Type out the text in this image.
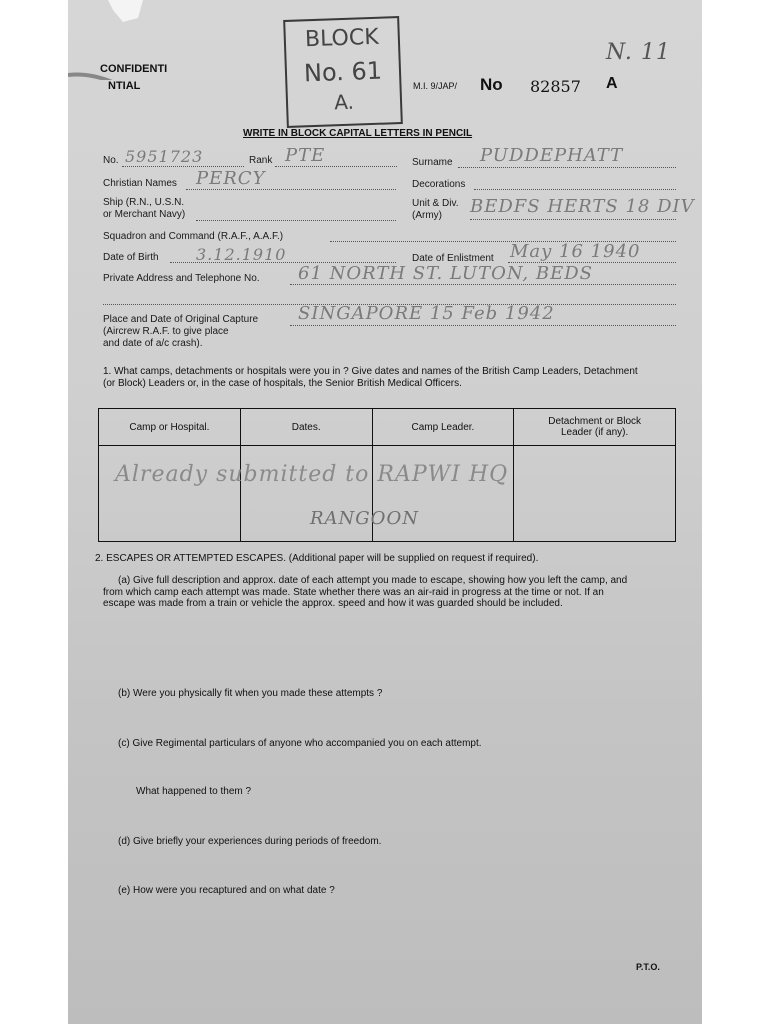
CONFIDENTI
NTIAL
BLOCK
No. 61
A.
M.I. 9/JAP/ No 82857 A
N. 11
WRITE IN BLOCK CAPITAL LETTERS IN PENCIL
No. 5951723	Rank PTE	Surname PUDDEPHATT
Christian Names PERCY	Decorations
Ship (R.N., U.S.N.
or Merchant Navy)
Unit & Div.
(Army) BEDFS HERTS 18 DIV
Squadron and Command (R.A.F., A.A.F.)
Date of Birth 3.12.1910	Date of Enlistment May 16 1940
Private Address and Telephone No. 61 NORTH ST. LUTON, BEDS
Place and Date of Original Capture
(Aircrew R.A.F. to give place
and date of a/c crash).
SINGAPORE 15 Feb 1942
1. What camps, detachments or hospitals were you in ? Give dates and names of the British Camp Leaders, Detachment
(or Block) Leaders or, in the case of hospitals, the Senior British Medical Officers.
Camp or Hospital.	Dates.	Camp Leader.	Detachment or Block
Leader (if any).

Already submitted to RAPWI HQ
RANGOON
2. ESCAPES OR ATTEMPTED ESCAPES. (Additional paper will be supplied on request if required).
(a) Give full description and approx. date of each attempt you made to escape, showing how you left the camp, and
from which camp each attempt was made. State whether there was an air-raid in progress at the time or not. If an
escape was made from a train or vehicle the approx. speed and how it was guarded should be included.
(b) Were you physically fit when you made these attempts ?
(c) Give Regimental particulars of anyone who accompanied you on each attempt.
What happened to them ?
(d) Give briefly your experiences during periods of freedom.
(e) How were you recaptured and on what date ?
P.T.O.
